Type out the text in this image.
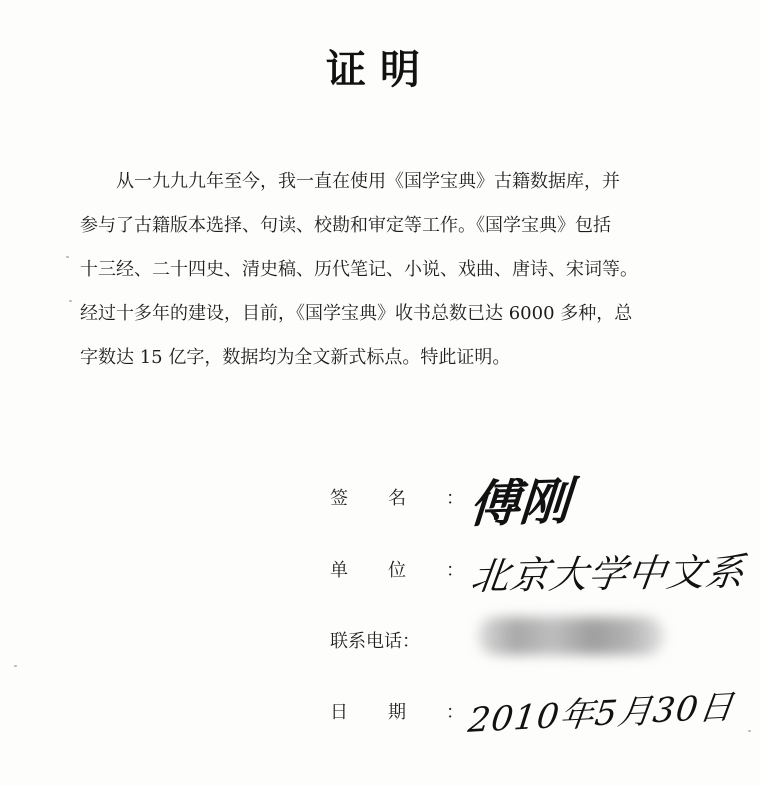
证明

从一九九九年至今，我一直在使用《国学宝典》古籍数据库，并

参与了古籍版本选择、句读、校勘和审定等工作。《国学宝典》包括

十三经、二十四史、清史稿、历代笔记、小说、戏曲、唐诗、宋词等。

经过十多年的建设，目前，《国学宝典》收书总数已达 6000 多种，总

字数达 15 亿字，数据均为全文新式标点。特此证明。

签名：
傅刚
单位：
北京大学中文系
联系电话：
日期：
2010年5月30日
